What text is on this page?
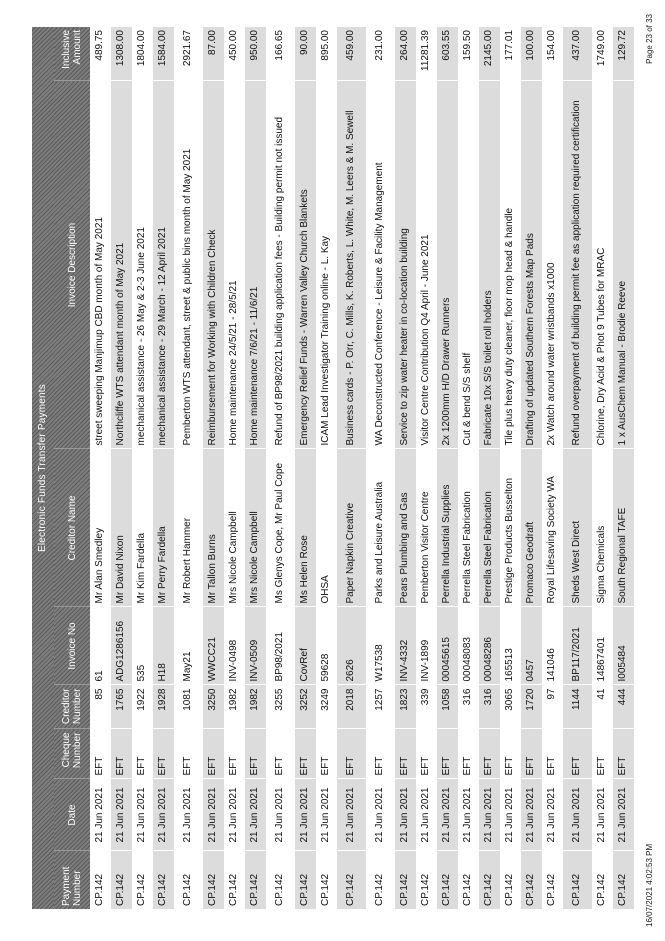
Electronic Funds Transfer Payments
Payment Number	Date	Cheque Number	Creditor Number	Invoice No	Creditor Name	Invoice Description	Inclusive Amount
CP.142	21 Jun 2021	EFT	85	61	Mr Alan Smedley	street sweeping Manjimup CBD month of May 2021	489.75
CP.142	21 Jun 2021	EFT	1765	ADG1286156	Mr David Nixon	Northcliffe WTS attendant month of May 2021	1308.00
CP.142	21 Jun 2021	EFT	1922	535	Mr Kim Fardella	mechanical assistance - 26 May & 2-3 June 2021	1804.00
CP.142	21 Jun 2021	EFT	1928	H18	Mr Perry Fardella	mechanical assistance - 29 March - 12 April 2021	1584.00
CP.142	21 Jun 2021	EFT	1081	May21	Mr Robert Hammer	Pemberton WTS attendant, street & public bins month of May 2021	2921.67
CP.142	21 Jun 2021	EFT	3250	WWCC21	Mr Tallon Burns	Reimbursement for Working with Children Check	87.00
CP.142	21 Jun 2021	EFT	1982	INV-0498	Mrs Nicole Campbell	Home maintenance 24/5/21 - 28/5/21	450.00
CP.142	21 Jun 2021	EFT	1982	INV-0509	Mrs Nicole Campbell	Home maintenance 7/6/21 - 11/6/21	950.00
CP.142	21 Jun 2021	EFT	3255	BP98/2021	Ms Glenys Cope, Mr Paul Cope	Refund of BP98/2021 building application fees - Building permit not issued	166.65
CP.142	21 Jun 2021	EFT	3252	CovRef	Ms Helen Rose	Emergency Relief Funds - Warren Valley Church Blankets	90.00
CP.142	21 Jun 2021	EFT	3249	59628	OHSA	ICAM Lead Investigator Training online - L. Kay	895.00
CP.142	21 Jun 2021	EFT	2018	2626	Paper Napkin Creative	Business cards - P. Orr, C. Mills, K. Roberts, L. White, M. Leers & M. Sewell	459.00
CP.142	21 Jun 2021	EFT	1257	W17538	Parks and Leisure Australia	WA Deconstructed Conference - Leisure & Facility Management	231.00
CP.142	21 Jun 2021	EFT	1823	INV-4332	Pears Plumbing and Gas	Service to zip water heater in co-location building	264.00
CP.142	21 Jun 2021	EFT	339	INV-1899	Pemberton Visitor Centre	Visitor Centre Contribution Q4 April - June 2021	11281.39
CP.142	21 Jun 2021	EFT	1058	00045615	Perrella Industrial Supplies	2x 1200mm H/D Drawer Runners	603.55
CP.142	21 Jun 2021	EFT	316	00048083	Perrella Steel Fabrication	Cut & bend S/S shelf	159.50
CP.142	21 Jun 2021	EFT	316	00048286	Perrella Steel Fabrication	Fabricate 10x S/S toilet roll holders	2145.00
CP.142	21 Jun 2021	EFT	3065	165513	Prestige Products Busselton	Tile plus heavy duty cleaner, floor mop head & handle	177.01
CP.142	21 Jun 2021	EFT	1720	0457	Promaco Geodraft	Drafting of updated Southern Forests Map Pads	100.00
CP.142	21 Jun 2021	EFT	97	141046	Royal Lifesaving Society WA	2x Watch around water wristbands x1000	154.00
CP.142	21 Jun 2021	EFT	1144	BP117/2021	Sheds West Direct	Refund overpayment of building permit fee as application required certification	437.00
CP.142	21 Jun 2021	EFT	41	14867401	Sigma Chemicals	Chlorine, Dry Acid & Phot 9 Tubes for MRAC	1749.00
CP.142	21 Jun 2021	EFT	444	I005484	South Regional TAFE	1 x AusChem Manual - Brodie Reeve	129.72
16/07/2021 4:02:53 PM
Page 23 of 33
